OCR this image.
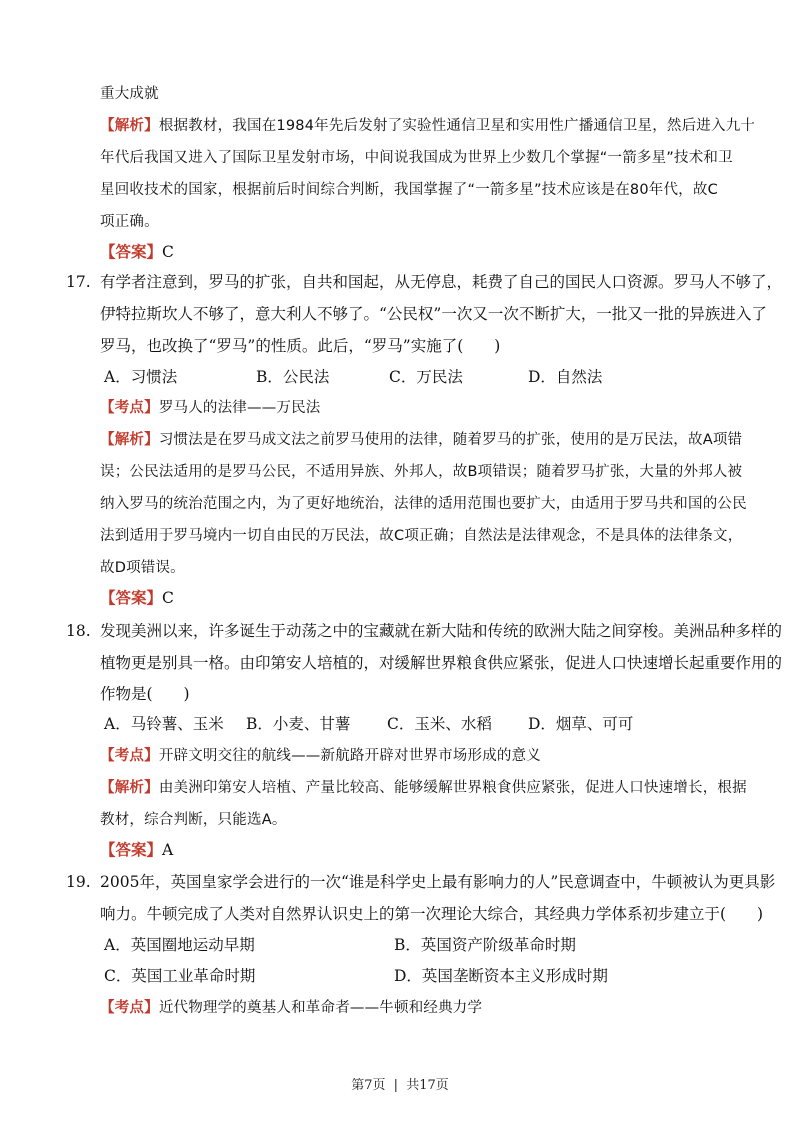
重大成就
【解析】根据教材，我国在1984年先后发射了实验性通信卫星和实用性广播通信卫星，然后进入九十
年代后我国又进入了国际卫星发射市场，中间说我国成为世界上少数几个掌握“一箭多星”技术和卫
星回收技术的国家，根据前后时间综合判断，我国掌握了“一箭多星”技术应该是在80年代，故C
项正确。
【答案】C
17. 有学者注意到，罗马的扩张，自共和国起，从无停息，耗费了自己的国民人口资源。罗马人不够了，
伊特拉斯坎人不够了，意大利人不够了。“公民权”一次又一次不断扩大，一批又一批的异族进入了
罗马，也改换了“罗马”的性质。此后，“罗马”实施了(　　)
A．习惯法	B．公民法	C．万民法	D．自然法
【考点】罗马人的法律——万民法
【解析】习惯法是在罗马成文法之前罗马使用的法律，随着罗马的扩张，使用的是万民法，故A项错
误；公民法适用的是罗马公民，不适用异族、外邦人，故B项错误；随着罗马扩张，大量的外邦人被
纳入罗马的统治范围之内，为了更好地统治，法律的适用范围也要扩大，由适用于罗马共和国的公民
法到适用于罗马境内一切自由民的万民法，故C项正确；自然法是法律观念，不是具体的法律条文，
故D项错误。
【答案】C
18. 发现美洲以来，许多诞生于动荡之中的宝藏就在新大陆和传统的欧洲大陆之间穿梭。美洲品种多样的
植物更是别具一格。由印第安人培植的，对缓解世界粮食供应紧张，促进人口快速增长起重要作用的
作物是(　　)
A．马铃薯、玉米 B．小麦、甘薯 C．玉米、水稻 D．烟草、可可
【考点】开辟文明交往的航线——新航路开辟对世界市场形成的意义
【解析】由美洲印第安人培植、产量比较高、能够缓解世界粮食供应紧张，促进人口快速增长，根据
教材，综合判断，只能选A。
【答案】A
19. 2005年，英国皇家学会进行的一次“谁是科学史上最有影响力的人”民意调查中，牛顿被认为更具影
响力。牛顿完成了人类对自然界认识史上的第一次理论大综合，其经典力学体系初步建立于(　　)
A．英国圈地运动早期	B．英国资产阶级革命时期
C．英国工业革命时期	D．英国垄断资本主义形成时期
【考点】近代物理学的奠基人和革命者——牛顿和经典力学
第7页 | 共17页
